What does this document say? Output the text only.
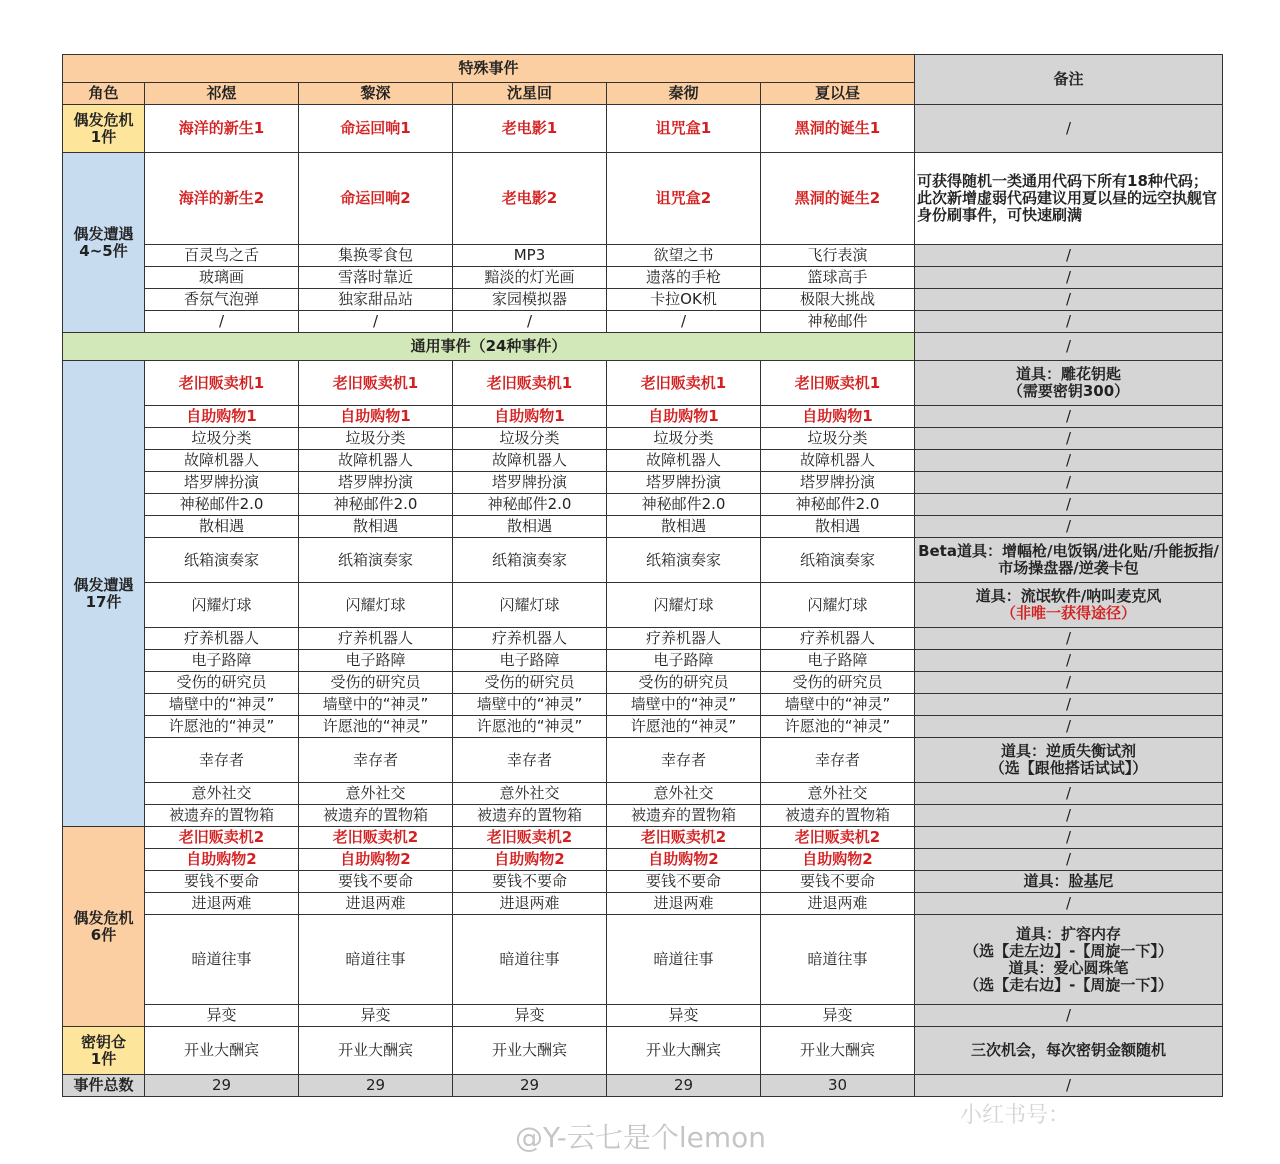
特殊事件						备注
角色	祁煜	黎深	沈星回	秦彻	夏以昼	
偶发危机
1件	海洋的新生1	命运回响1	老电影1	诅咒盒1	黑洞的诞生1	/
偶发遭遇
4~5件	海洋的新生2	命运回响2	老电影2	诅咒盒2	黑洞的诞生2	可获得随机一类通用代码下所有18种代码； 此次新增虚弱代码建议用夏以昼的远空执舰官身份刷事件，可快速刷满
	百灵鸟之舌	集换零食包	MP3	欲望之书	飞行表演	/
	玻璃画	雪落时靠近	黯淡的灯光画	遗落的手枪	篮球高手	/
	香氛气泡弹	独家甜品站	家园模拟器	卡拉OK机	极限大挑战	/
	/	/	/	/	神秘邮件	/
通用事件（24种事件）						/
偶发遭遇
17件	老旧贩卖机1	老旧贩卖机1	老旧贩卖机1	老旧贩卖机1	老旧贩卖机1	道具：雕花钥匙
（需要密钥300）

	自助购物1	自助购物1	自助购物1	自助购物1	自助购物1	/

	垃圾分类	垃圾分类	垃圾分类	垃圾分类	垃圾分类	/

	故障机器人	故障机器人	故障机器人	故障机器人	故障机器人	/

	塔罗牌扮演	塔罗牌扮演	塔罗牌扮演	塔罗牌扮演	塔罗牌扮演	/

	神秘邮件2.0	神秘邮件2.0	神秘邮件2.0	神秘邮件2.0	神秘邮件2.0	/

	散相遇	散相遇	散相遇	散相遇	散相遇	/

	纸箱演奏家	纸箱演奏家	纸箱演奏家	纸箱演奏家	纸箱演奏家	Beta道具：增幅枪/电饭锅/进化贴/升能扳指/市场操盘器/逆袭卡包

	闪耀灯球	闪耀灯球	闪耀灯球	闪耀灯球	闪耀灯球	道具：流氓软件/呐叫麦克风
（非唯一获得途径）

	疗养机器人	疗养机器人	疗养机器人	疗养机器人	疗养机器人	/

	电子路障	电子路障	电子路障	电子路障	电子路障	/

	受伤的研究员	受伤的研究员	受伤的研究员	受伤的研究员	受伤的研究员	/

	墙壁中的“神灵”	墙壁中的“神灵”	墙壁中的“神灵”	墙壁中的“神灵”	墙壁中的“神灵”	/

	许愿池的“神灵”	许愿池的“神灵”	许愿池的“神灵”	许愿池的“神灵”	许愿池的“神灵”	/

	幸存者	幸存者	幸存者	幸存者	幸存者	道具：逆质失衡试剂
（选【跟他搭话试试】）

	意外社交	意外社交	意外社交	意外社交	意外社交	/

	被遗弃的置物箱	被遗弃的置物箱	被遗弃的置物箱	被遗弃的置物箱	被遗弃的置物箱	/

偶发危机
6件	老旧贩卖机2	老旧贩卖机2	老旧贩卖机2	老旧贩卖机2	老旧贩卖机2	/

	自助购物2	自助购物2	自助购物2	自助购物2	自助购物2	/

	要钱不要命	要钱不要命	要钱不要命	要钱不要命	要钱不要命	道具：脸基尼

	进退两难	进退两难	进退两难	进退两难	进退两难	/

	暗道往事	暗道往事	暗道往事	暗道往事	暗道往事	道具：扩容内存
（选【走左边】-【周旋一下】）
道具：爱心圆珠笔
（选【走右边】-【周旋一下】）

	异变	异变	异变	异变	异变	/

密钥仓
1件	开业大酬宾	开业大酬宾	开业大酬宾	开业大酬宾	开业大酬宾	三次机会，每次密钥金额随机
事件总数	29	29	29	29	30	/
@Y-云七是个lemon
小红书号：
